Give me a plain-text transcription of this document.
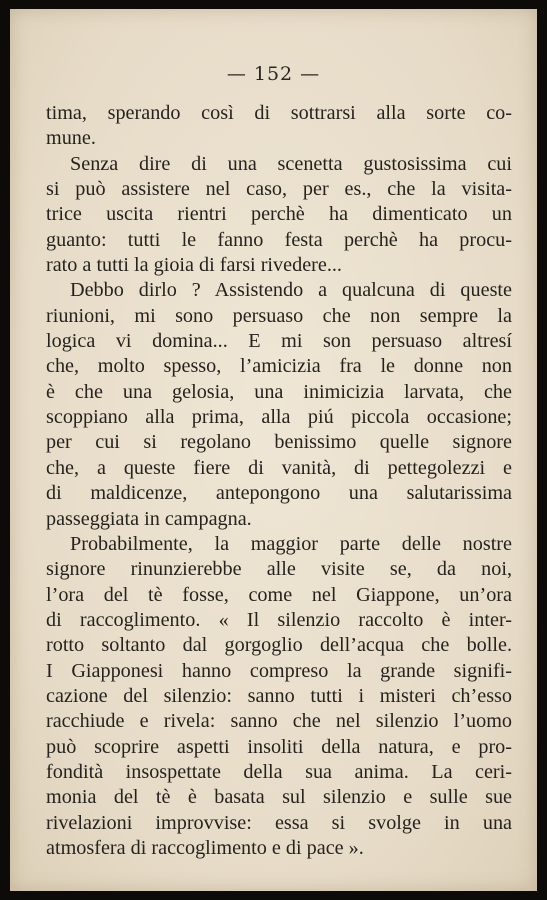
— 152 —
tima, sperando così di sottrarsi alla sorte co-
mune.
Senza dire di una scenetta gustosissima cui
si può assistere nel caso, per es., che la visita-
trice uscita rientri perchè ha dimenticato un
guanto: tutti le fanno festa perchè ha procu-
rato a tutti la gioia di farsi rivedere...
Debbo dirlo ? Assistendo a qualcuna di queste
riunioni, mi sono persuaso che non sempre la
logica vi domina... E mi son persuaso altresí
che, molto spesso, l’amicizia fra le donne non
è che una gelosia, una inimicizia larvata, che
scoppiano alla prima, alla piú piccola occasione;
per cui si regolano benissimo quelle signore
che, a queste fiere di vanità, di pettegolezzi e
di maldicenze, antepongono una salutarissima
passeggiata in campagna.
Probabilmente, la maggior parte delle nostre
signore rinunzierebbe alle visite se, da noi,
l’ora del tè fosse, come nel Giappone, un’ora
di raccoglimento. « Il silenzio raccolto è inter-
rotto soltanto dal gorgoglio dell’acqua che bolle.
I Giapponesi hanno compreso la grande signifi-
cazione del silenzio: sanno tutti i misteri ch’esso
racchiude e rivela: sanno che nel silenzio l’uomo
può scoprire aspetti insoliti della natura, e pro-
fondità insospettate della sua anima. La ceri-
monia del tè è basata sul silenzio e sulle sue
rivelazioni improvvise: essa si svolge in una
atmosfera di raccoglimento e di pace ».
